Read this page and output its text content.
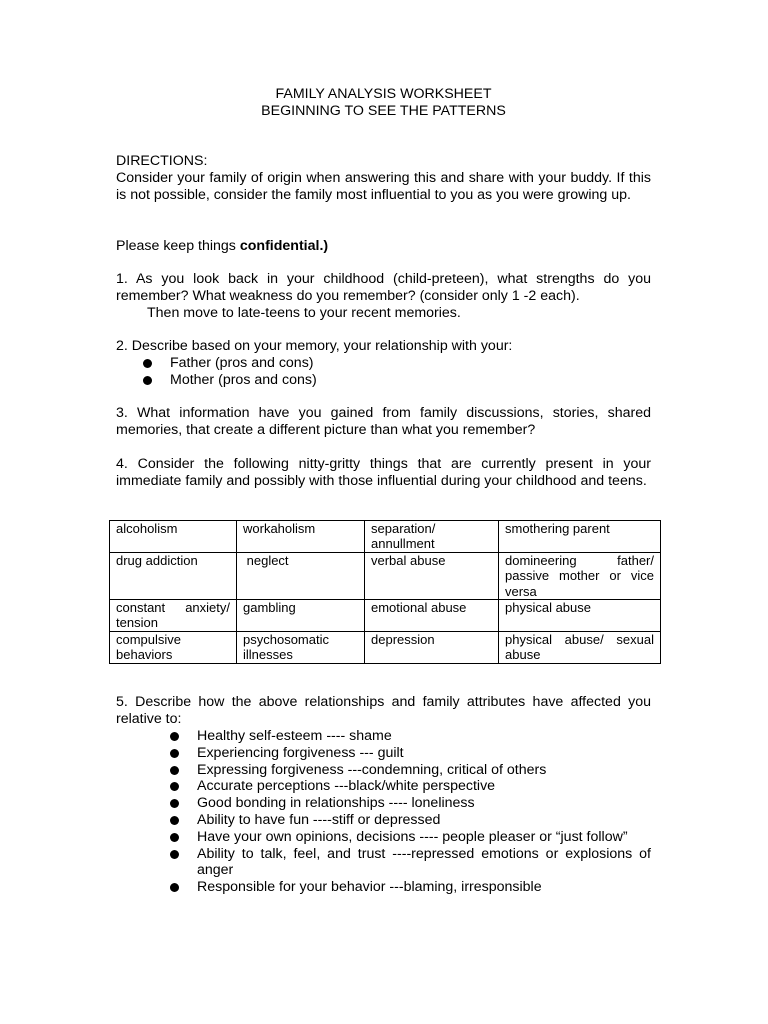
FAMILY ANALYSIS WORKSHEET
BEGINNING TO SEE THE PATTERNS
DIRECTIONS:
Consider your family of origin when answering this and share with your buddy. If this is not possible, consider the family most influential to you as you were growing up.
Please keep things confidential.)
1. As you look back in your childhood (child-preteen), what strengths do you remember? What weakness do you remember? (consider only 1 -2 each).
Then move to late-teens to your recent memories.
2. Describe based on your memory, your relationship with your:
Father (pros and cons)
Mother (pros and cons)
3. What information have you gained from family discussions, stories, shared memories, that create a different picture than what you remember?
4. Consider the following nitty-gritty things that are currently present in your immediate family and possibly with those influential during your childhood and teens.
alcoholism	workaholism	separation/ annullment	smothering parent
drug addiction	neglect	verbal abuse	domineering father/ passive mother or vice versa
constant anxiety/ tension	gambling	emotional abuse	physical abuse
compulsive behaviors	psychosomatic illnesses	depression	physical abuse/ sexual abuse
5. Describe how the above relationships and family attributes have affected you relative to:
Healthy self-esteem ---- shame
Experiencing forgiveness --- guilt
Expressing forgiveness ---condemning, critical of others
Accurate perceptions ---black/white perspective
Good bonding in relationships ---- loneliness
Ability to have fun ----stiff or depressed
Have your own opinions, decisions ---- people pleaser or “just follow”
Ability to talk, feel, and trust ----repressed emotions or explosions of anger
Responsible for your behavior ---blaming, irresponsible
